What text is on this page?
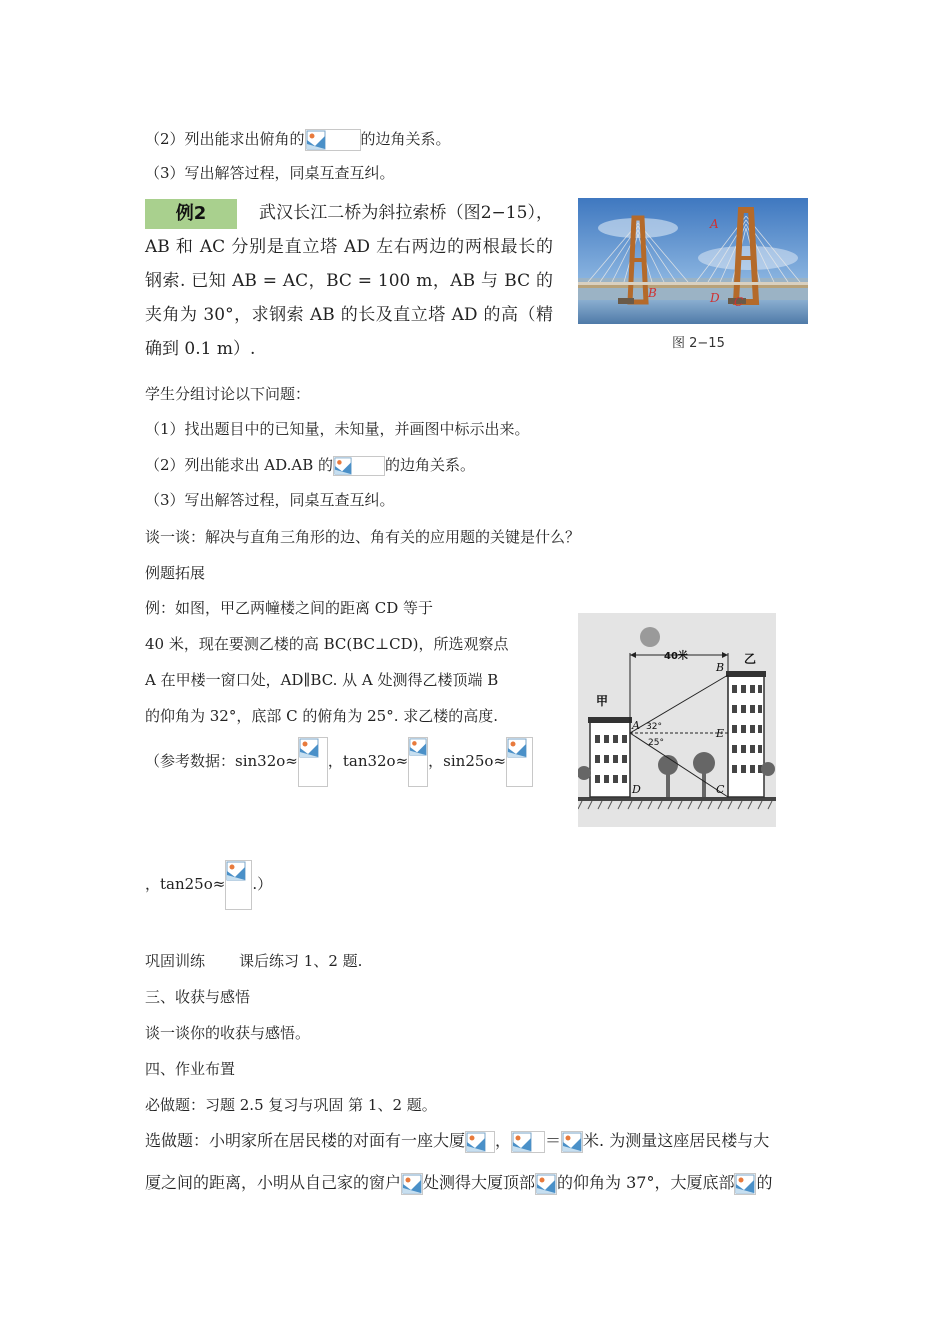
（2）列出能求出俯角的	的边角关系。
（3）写出解答过程，同桌互查互纠。
例2	武汉长江二桥为斜拉索桥（图2−15），AB 和 AC 分别是直立塔 AD 左右两边的两根最长的钢索. 已知 AB = AC，BC = 100 m，AB 与 BC 的夹角为 30°，求钢索 AB 的长及直立塔 AD 的高（精确到 0.1 m）.
A
B	D C
图 2−15
学生分组讨论以下问题：
（1）找出题目中的已知量，未知量，并画图中标示出来。
（2）列出能求出 AD.AB 的	的边角关系。
（3）写出解答过程，同桌互查互纠。
谈一谈：解决与直角三角形的边、角有关的应用题的关键是什么？
例题拓展
例：如图，甲乙两幢楼之间的距离 CD 等于
40 米，现在要测乙楼的高 BC(BC⊥CD)，所选观察点
A 在甲楼一窗口处，AD∥BC. 从 A 处测得乙楼顶端 B
的仰角为 32°，底部 C 的俯角为 25°. 求乙楼的高度.
（参考数据：sin32o≈ ，tan32o≈ ，sin25o≈
，tan25o≈ .）
40米
甲
乙
A
B
C
D
E
32°
25°
巩固训练 课后练习 1、2 题.
三、收获与感悟
谈一谈你的收获与感悟。
四、作业布置
必做题：习题 2.5 复习与巩固 第 1、2 题。
选做题：小明家所在居民楼的对面有一座大厦 ， ＝ 米. 为测量这座居民楼与大
厦之间的距离，小明从自己家的窗户 处测得大厦顶部 的仰角为 37°，大厦底部 的
